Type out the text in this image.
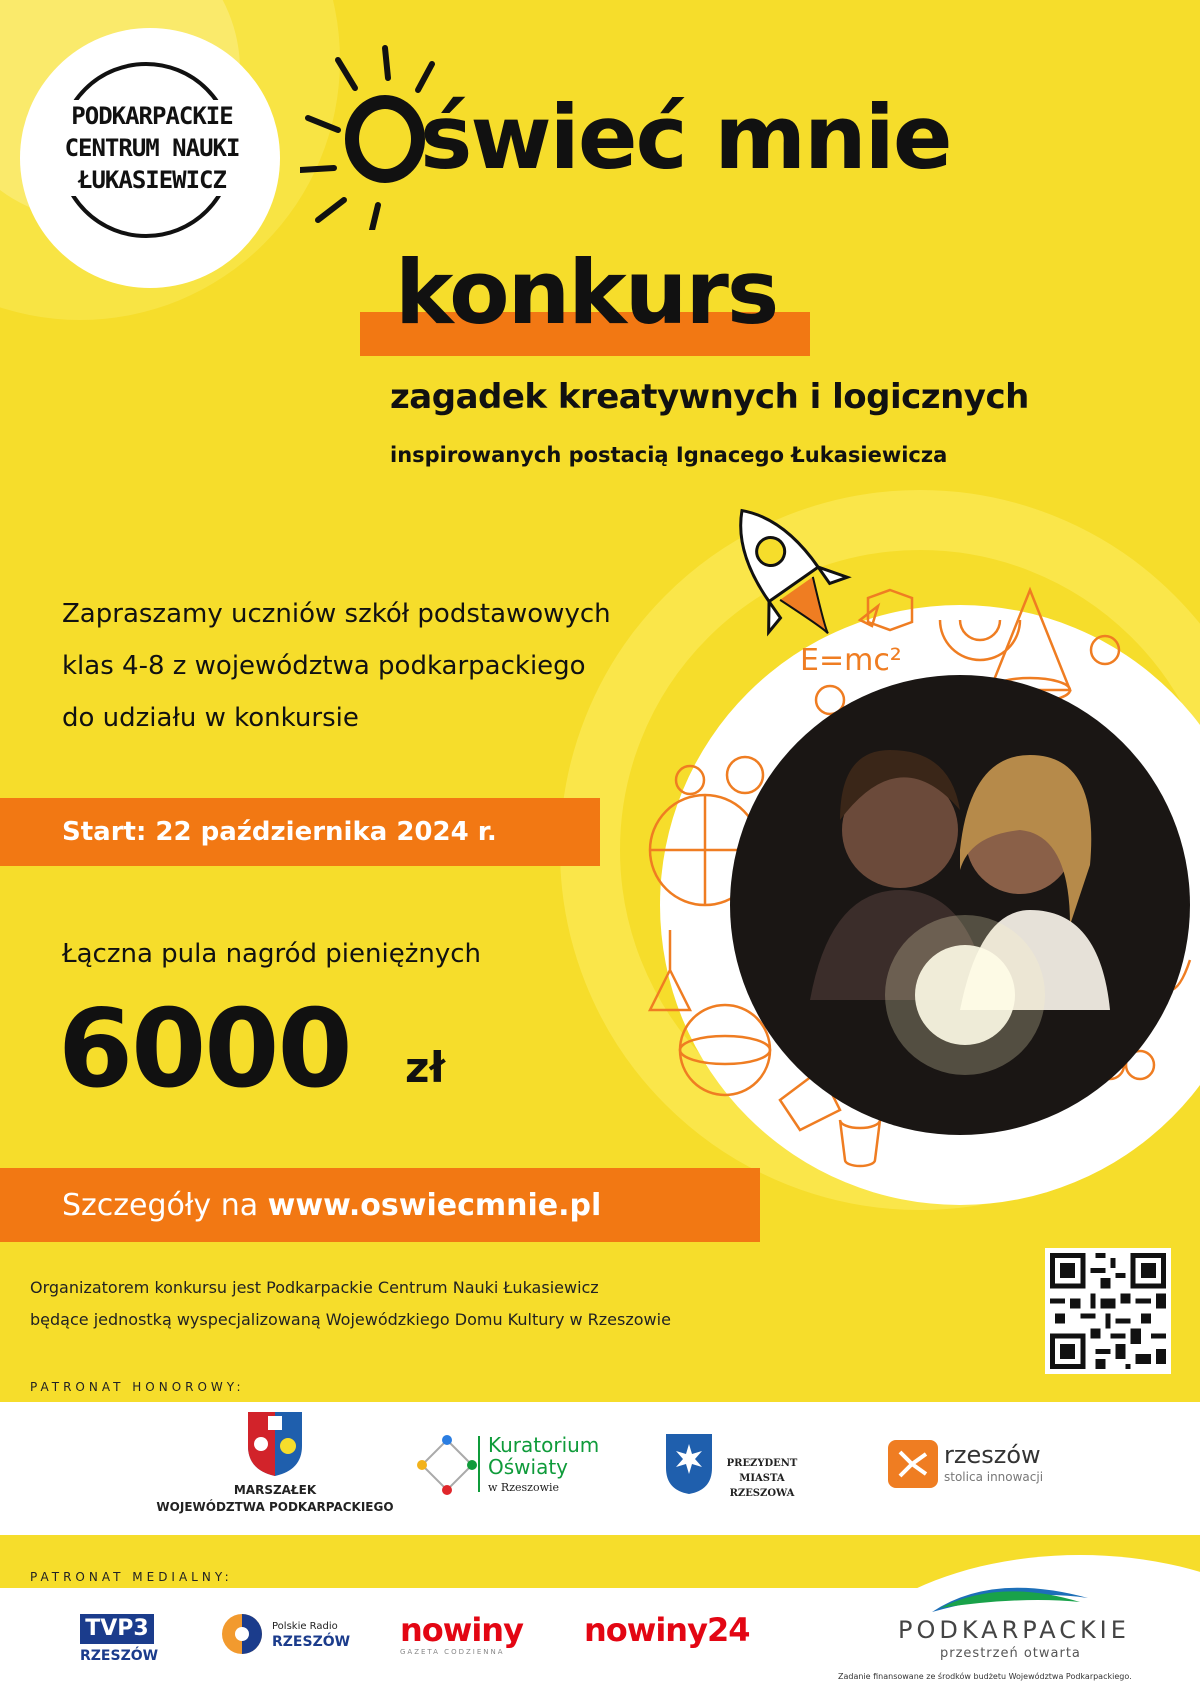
PODKARPACKIE
CENTRUM NAUKI
ŁUKASIEWICZ	świeć mnie
konkurs
zagadek kreatywnych i logicznych
inspirowanych postacią Ignacego Łukasiewicza
Zapraszamy uczniów szkół podstawowych
klas 4-8 z województwa podkarpackiego
do udziału w konkursie
Start: 22 października 2024 r.
Łączna pula nagród pieniężnych
6000 zł
E=mc²
Szczegóły na www.oswiecmnie.pl
Organizatorem konkursu jest Podkarpackie Centrum Nauki Łukasiewicz
będące jednostką wyspecjalizowaną Wojewódzkiego Domu Kultury w Rzeszowie
PATRONAT HONOROWY:
MARSZAŁEK
WOJEWÓDZTWA PODKARPACKIEGO
Kuratorium
Oświaty
w Rzeszowie
PREZYDENT
MIASTA RZESZOWA
rzeszów
stolica innowacji
PATRONAT MEDIALNY:
TVP3
RZESZÓW
Polskie Radio
RZESZÓW nowiny
GAZETA CODZIENNA
nowiny24	PODKARPACKIE
przestrzeń otwarta
Zadanie finansowane ze środków budżetu Województwa Podkarpackiego.
